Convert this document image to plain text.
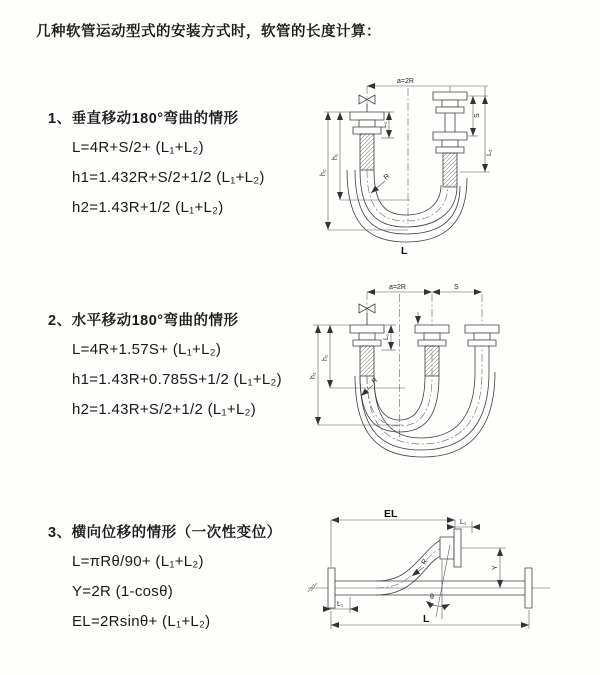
几种软管运动型式的安装方式时，软管的长度计算：
1、垂直移动180°弯曲的情形
L=4R+S/2+ (L₁+L₂)
h1=1.432R+S/2+1/2 (L₁+L₂)
h2=1.43R+1/2 (L₁+L₂)
2、水平移动180°弯曲的情形
L=4R+1.57S+ (L₁+L₂)
h1=1.43R+0.785S+1/2 (L₁+L₂)
h2=1.43R+S/2+1/2 (L₁+L₂)
3、横向位移的情形（一次性变位）
L=πRθ/90+ (L₁+L₂)
Y=2R (1-cosθ)
EL=2Rsinθ+ (L₁+L₂)
a=2R
R
h₁
h₂
L₁
S
L₂
L
a=2R	S
R
h₁
h₂
L₁
θ
R
EL
L₁
Y
L₁
L
